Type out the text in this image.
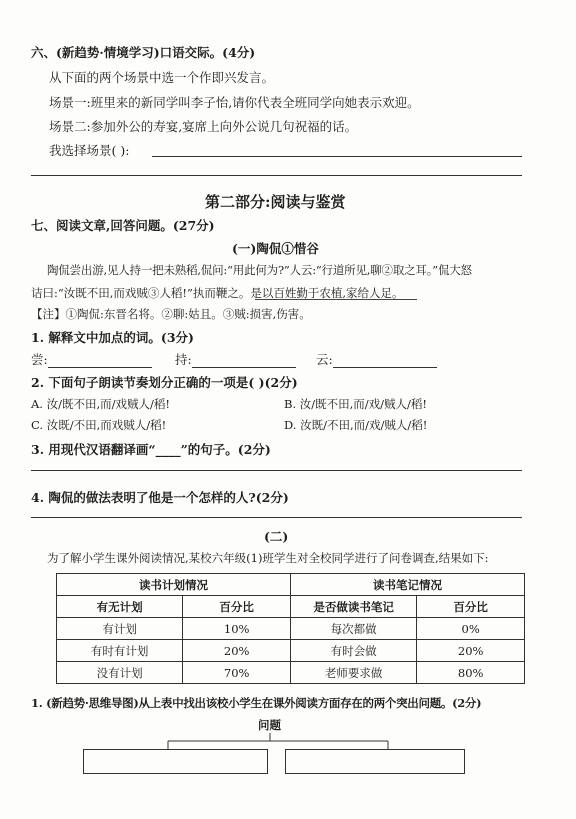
六、(新趋势·情境学习)口语交际。(4分)
从下面的两个场景中选一个作即兴发言。
场景一:班里来的新同学叫李子怡,请你代表全班同学向她表示欢迎。
场景二:参加外公的寿宴,宴席上向外公说几句祝福的话。
我选择场景( ):
第二部分:阅读与鉴赏
七、阅读文章,回答问题。(27分)
(一)陶侃①惜谷
陶侃尝出游,见人持一把未熟稻,侃问:“用此何为?”人云:“行道所见,聊②取之耳。”侃大怒
诘曰:“汝既不田,而戏贼③人稻!”执而鞭之。是以百姓勤于农植,家给人足。
【注】①陶侃:东晋名将。②聊:姑且。③贼:损害,伤害。
1. 解释文中加点的词。(3分)
尝:	持:	云:
2. 下面句子朗读节奏划分正确的一项是( )(2分)
A. 汝/既不田,而/戏贼人/稻!	B. 汝/既不田,而/戏/贼人/稻!
C. 汝既/不田,而戏贼人/稻!	D. 汝既/不田,而/戏/贼人/稻!
3. 用现代汉语翻译画“____”的句子。(2分)
4. 陶侃的做法表明了他是一个怎样的人?(2分)
(二)
为了解小学生课外阅读情况,某校六年级(1)班学生对全校同学进行了问卷调查,结果如下:
读书计划情况		读书笔记情况	
有无计划	百分比	是否做读书笔记	百分比
有计划	10%	每次都做	0%
有时有计划	20%	有时会做	20%
没有计划	70%	老师要求做	80%
1. (新趋势·思维导图)从上表中找出该校小学生在课外阅读方面存在的两个突出问题。(2分)
问题
